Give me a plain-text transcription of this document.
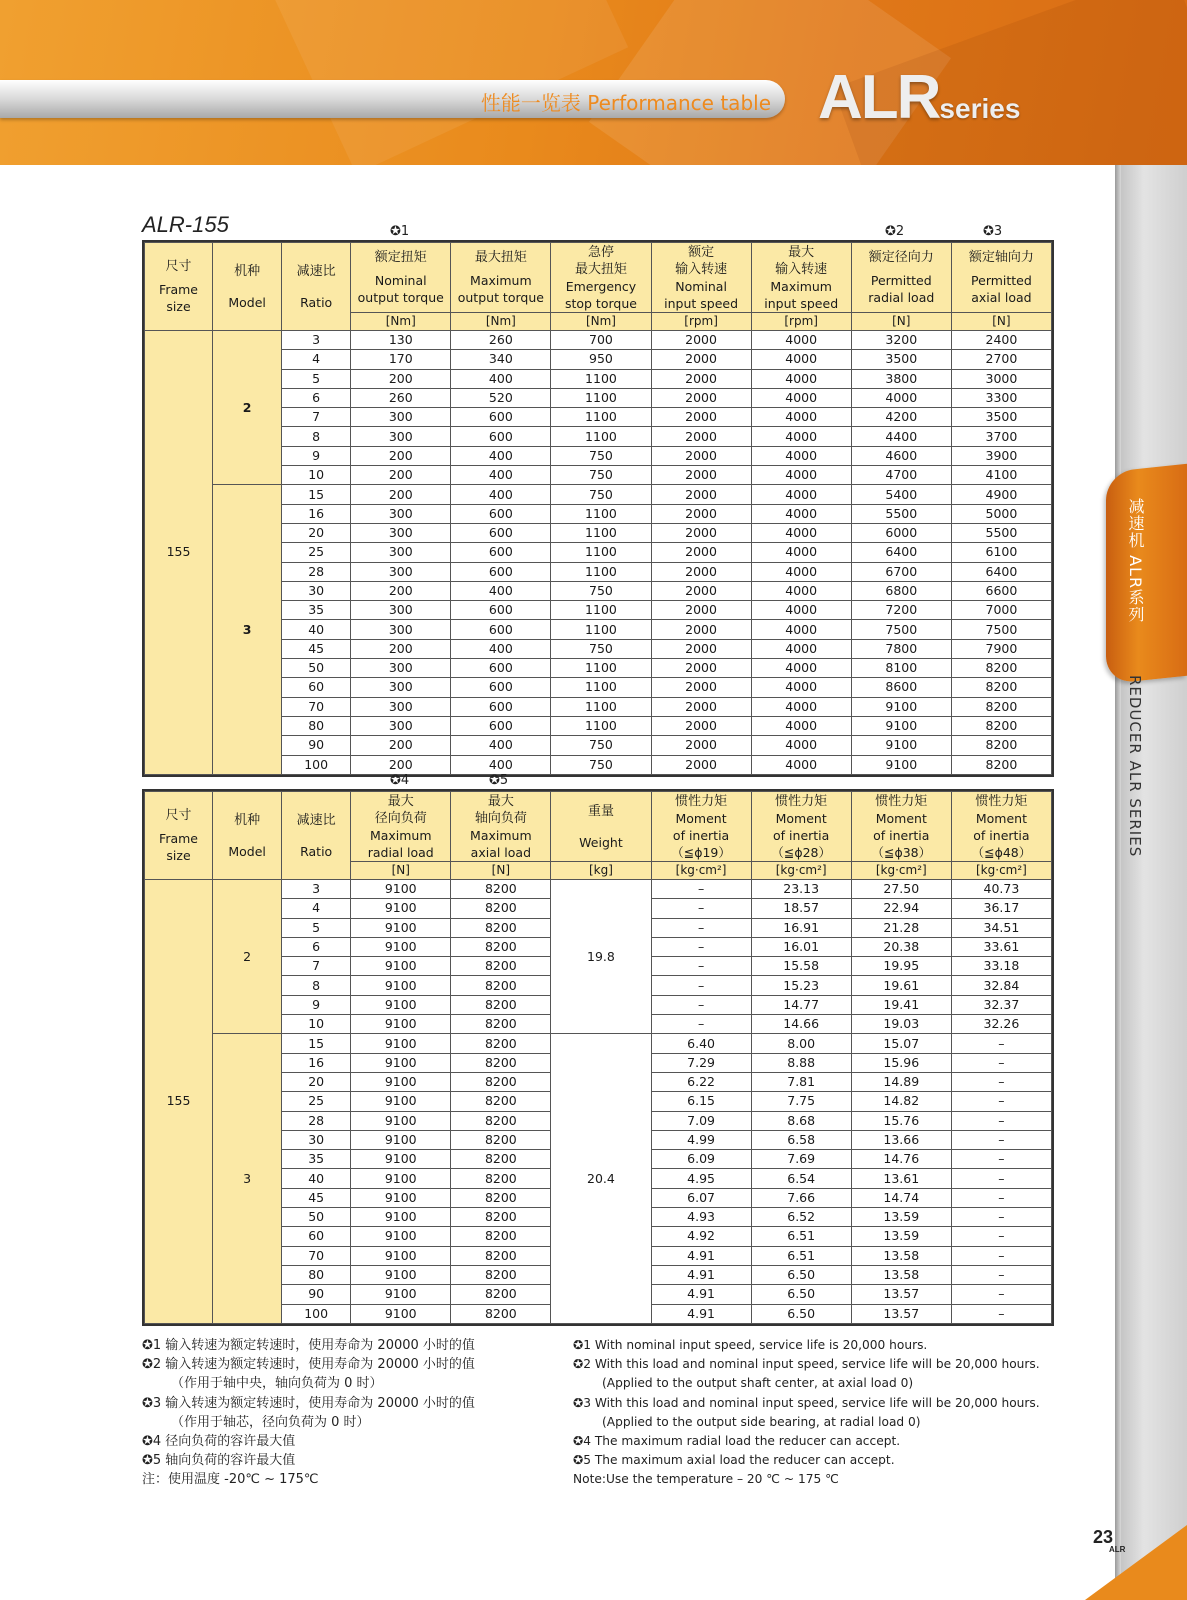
性能一览表 Performance table ALRseries
减速机 ALR系列
REDUCER ALR SERIES
23
ALR
ALR-155	✪1	✪2	✪3
尺寸
Frame
size	机种
Model	减速比
Ratio	额定扭矩
Nominal
output torque	最大扭矩
Maximum
output torque	急停
最大扭矩
Emergency
stop torque	额定
输入转速
Nominal
input speed	最大
输入转速
Maximum
input speed	额定径向力
Permitted
radial load	额定轴向力
Permitted
axial load

			[Nm]	[Nm]	[Nm]	[rpm]	[rpm]	[N]	[N]
155	2	3	130	260	700	2000	4000	3200	2400
		4	170	340	950	2000	4000	3500	2700
		5	200	400	1100	2000	4000	3800	3000
		6	260	520	1100	2000	4000	4000	3300
		7	300	600	1100	2000	4000	4200	3500
		8	300	600	1100	2000	4000	4400	3700
		9	200	400	750	2000	4000	4600	3900
		10	200	400	750	2000	4000	4700	4100
	3	15	200	400	750	2000	4000	5400	4900
		16	300	600	1100	2000	4000	5500	5000
		20	300	600	1100	2000	4000	6000	5500
		25	300	600	1100	2000	4000	6400	6100
		28	300	600	1100	2000	4000	6700	6400
		30	200	400	750	2000	4000	6800	6600
		35	300	600	1100	2000	4000	7200	7000
		40	300	600	1100	2000	4000	7500	7500
		45	200	400	750	2000	4000	7800	7900
		50	300	600	1100	2000	4000	8100	8200
		60	300	600	1100	2000	4000	8600	8200
		70	300	600	1100	2000	4000	9100	8200
		80	300	600	1100	2000	4000	9100	8200
		90	200	400	750	2000	4000	9100	8200
		100	200	400	750	2000	4000	9100	8200
✪4	✪5
尺寸
Frame
size	机种
Model	减速比
Ratio	最大
径向负荷
Maximum
radial load	最大
轴向负荷
Maximum
axial load	重量
Weight	惯性力矩
Moment
of inertia
（≦ϕ19）	惯性力矩
Moment
of inertia
（≦ϕ28）	惯性力矩
Moment
of inertia
（≦ϕ38）	惯性力矩
Moment
of inertia
（≦ϕ48）

			[N]	[N]	[kg]	[kg·cm²]	[kg·cm²]	[kg·cm²]	[kg·cm²]
155	2	3	9100	8200	19.8	–	23.13	27.50	40.73
		4	9100	8200		–	18.57	22.94	36.17
		5	9100	8200		–	16.91	21.28	34.51
		6	9100	8200		–	16.01	20.38	33.61
		7	9100	8200		–	15.58	19.95	33.18
		8	9100	8200		–	15.23	19.61	32.84
		9	9100	8200		–	14.77	19.41	32.37
		10	9100	8200		–	14.66	19.03	32.26
	3	15	9100	8200	20.4	6.40	8.00	15.07	–
		16	9100	8200		7.29	8.88	15.96	–
		20	9100	8200		6.22	7.81	14.89	–
		25	9100	8200		6.15	7.75	14.82	–
		28	9100	8200		7.09	8.68	15.76	–
		30	9100	8200		4.99	6.58	13.66	–
		35	9100	8200		6.09	7.69	14.76	–
		40	9100	8200		4.95	6.54	13.61	–
		45	9100	8200		6.07	7.66	14.74	–
		50	9100	8200		4.93	6.52	13.59	–
		60	9100	8200		4.92	6.51	13.59	–
		70	9100	8200		4.91	6.51	13.58	–
		80	9100	8200		4.91	6.50	13.58	–
		90	9100	8200		4.91	6.50	13.57	–
		100	9100	8200		4.91	6.50	13.57	–
✪1 输入转速为额定转速时，使用寿命为 20000 小时的值
✪2 输入转速为额定转速时，使用寿命为 20000 小时的值
（作用于轴中央，轴向负荷为 0 时）
✪3 输入转速为额定转速时，使用寿命为 20000 小时的值
（作用于轴芯，径向负荷为 0 时）
✪4 径向负荷的容许最大值
✪5 轴向负荷的容许最大值
注：使用温度 -20℃ ~ 175℃
✪1 With nominal input speed, service life is 20,000 hours.
✪2 With this load and nominal input speed, service life will be 20,000 hours.
(Applied to the output shaft center, at axial load 0)
✪3 With this load and nominal input speed, service life will be 20,000 hours.
(Applied to the output side bearing, at radial load 0)
✪4 The maximum radial load the reducer can accept.
✪5 The maximum axial load the reducer can accept.
Note:Use the temperature – 20 ℃ ~ 175 ℃
